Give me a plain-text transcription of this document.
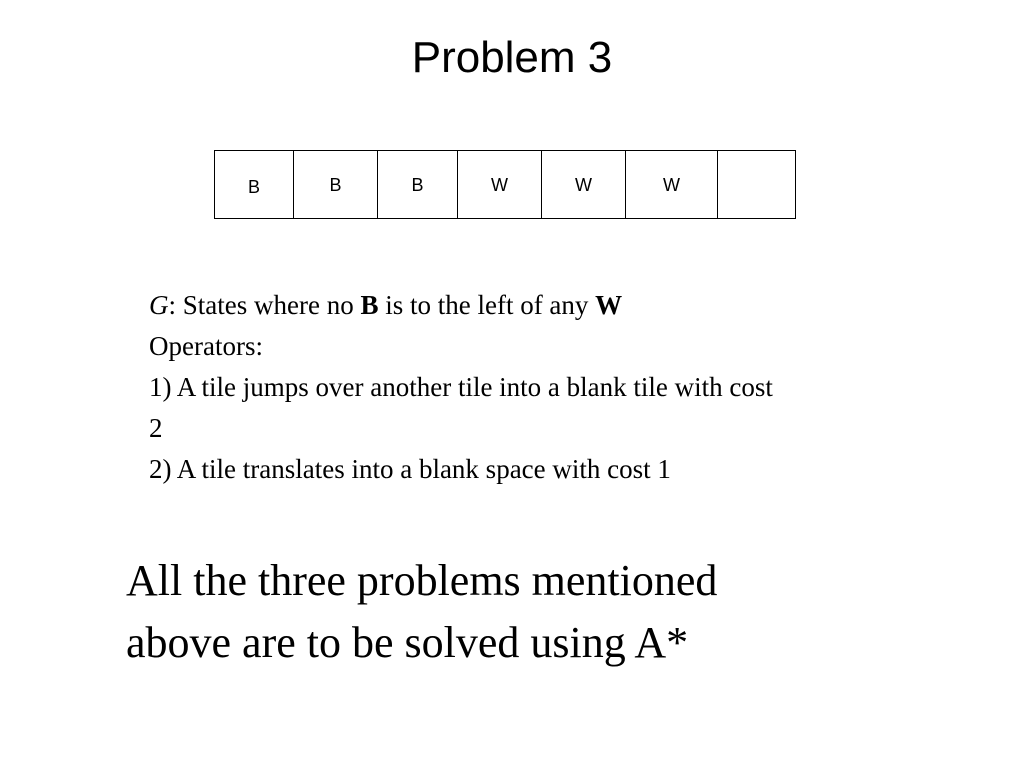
Problem 3
B	B	B	W	W	W

G: States where no B is to the left of any W

Operators:

1) A tile jumps over another tile into a blank tile with cost

2

2) A tile translates into a blank space with cost 1

All the three problems mentioned

above are to be solved using A*
